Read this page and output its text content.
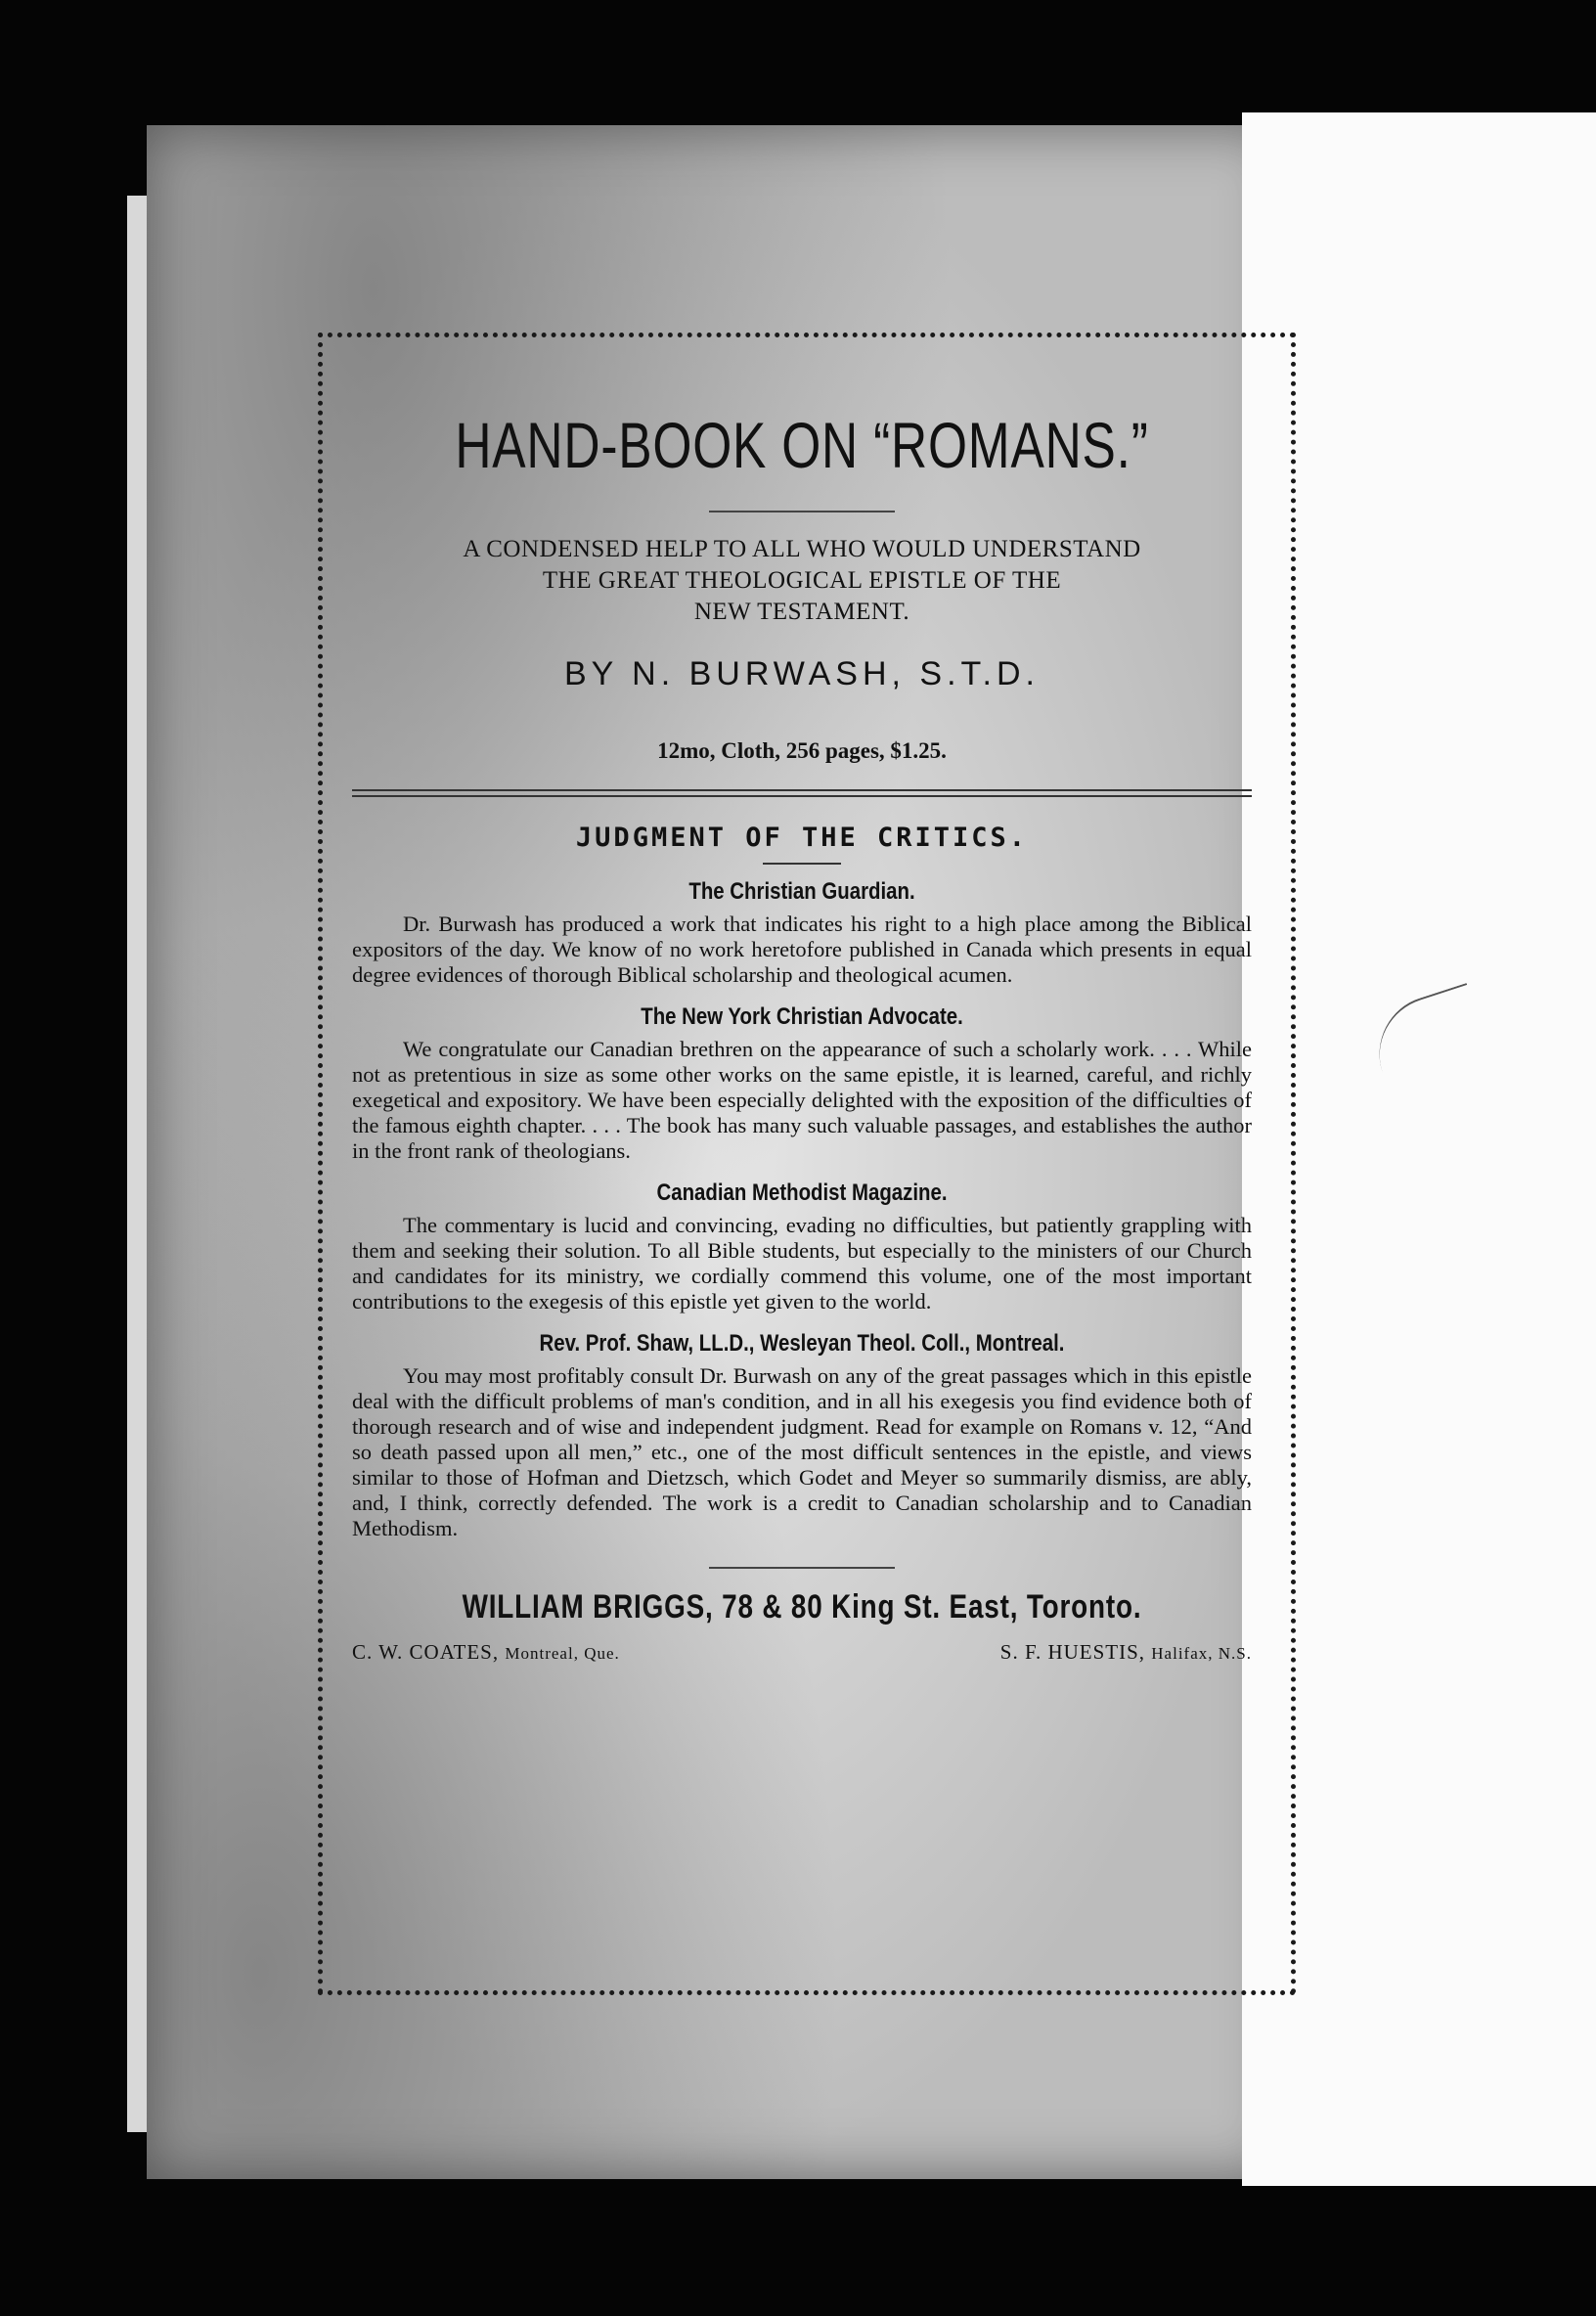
HAND-BOOK ON “ROMANS.”
A CONDENSED HELP TO ALL WHO WOULD UNDERSTAND
THE GREAT THEOLOGICAL EPISTLE OF THE
NEW TESTAMENT.
BY N. BURWASH, S.T.D.
12mo, Cloth, 256 pages, $1.25.
JUDGMENT OF THE CRITICS.
The Christian Guardian.
Dr. Burwash has produced a work that indicates his right to a high place among the Biblical expositors of the day. We know of no work heretofore published in Canada which presents in equal degree evidences of thorough Biblical scholarship and theological acumen.
The New York Christian Advocate.
We congratulate our Canadian brethren on the appearance of such a scholarly work. . . . While not as pretentious in size as some other works on the same epistle, it is learned, careful, and richly exegetical and expository. We have been especially delighted with the exposition of the difficulties of the famous eighth chapter. . . . The book has many such valuable passages, and establishes the author in the front rank of theologians.
Canadian Methodist Magazine.
The commentary is lucid and convincing, evading no difficulties, but patiently grappling with them and seeking their solution. To all Bible students, but especially to the ministers of our Church and candidates for its ministry, we cordially commend this volume, one of the most important contributions to the exegesis of this epistle yet given to the world.
Rev. Prof. Shaw, LL.D., Wesleyan Theol. Coll., Montreal.
You may most profitably consult Dr. Burwash on any of the great passages which in this epistle deal with the difficult problems of man's condition, and in all his exegesis you find evidence both of thorough research and of wise and independent judgment. Read for example on Romans v. 12, “And so death passed upon all men,” etc., one of the most difficult sentences in the epistle, and views similar to those of Hofman and Dietzsch, which Godet and Meyer so summarily dismiss, are ably, and, I think, correctly defended. The work is a credit to Canadian scholarship and to Canadian Methodism.
WILLIAM BRIGGS, 78 & 80 King St. East, Toronto.
C. W. COATES, Montreal, Que.	S. F. HUESTIS, Halifax, N.S.
